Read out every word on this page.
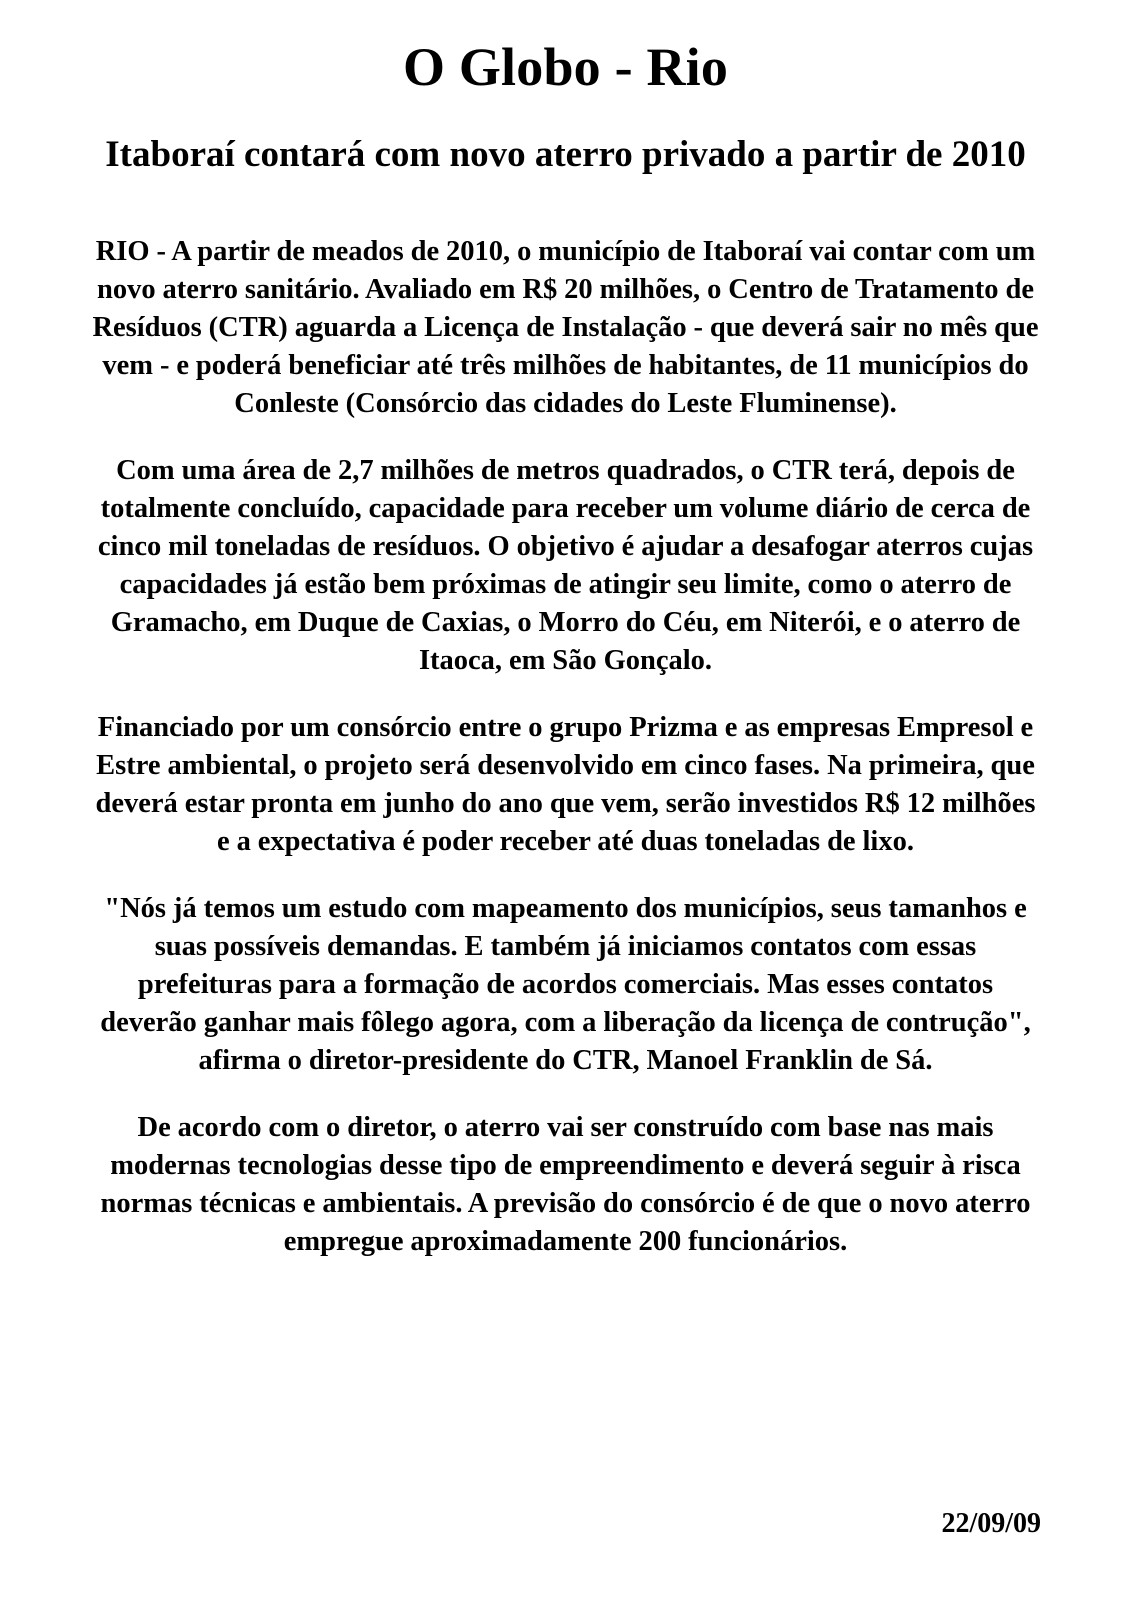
O Globo - Rio
Itaboraí contará com novo aterro privado a partir de 2010

RIO - A partir de meados de 2010, o município de Itaboraí vai contar com um novo aterro sanitário. Avaliado em R$ 20 milhões, o Centro de Tratamento de Resíduos (CTR) aguarda a Licença de Instalação - que deverá sair no mês que vem - e poderá beneficiar até três milhões de habitantes, de 11 municípios do Conleste (Consórcio das cidades do Leste Fluminense).

Com uma área de 2,7 milhões de metros quadrados, o CTR terá, depois de totalmente concluído, capacidade para receber um volume diário de cerca de cinco mil toneladas de resíduos. O objetivo é ajudar a desafogar aterros cujas capacidades já estão bem próximas de atingir seu limite, como o aterro de Gramacho, em Duque de Caxias, o Morro do Céu, em Niterói, e o aterro de Itaoca, em São Gonçalo.

Financiado por um consórcio entre o grupo Prizma e as empresas Empresol e Estre ambiental, o projeto será desenvolvido em cinco fases. Na primeira, que deverá estar pronta em junho do ano que vem, serão investidos R$ 12 milhões e a expectativa é poder receber até duas toneladas de lixo.

"Nós já temos um estudo com mapeamento dos municípios, seus tamanhos e suas possíveis demandas. E também já iniciamos contatos com essas prefeituras para a formação de acordos comerciais. Mas esses contatos deverão ganhar mais fôlego agora, com a liberação da licença de contrução", afirma o diretor-presidente do CTR, Manoel Franklin de Sá.

De acordo com o diretor, o aterro vai ser construído com base nas mais modernas tecnologias desse tipo de empreendimento e deverá seguir à risca normas técnicas e ambientais. A previsão do consórcio é de que o novo aterro empregue aproximadamente 200 funcionários.

22/09/09
